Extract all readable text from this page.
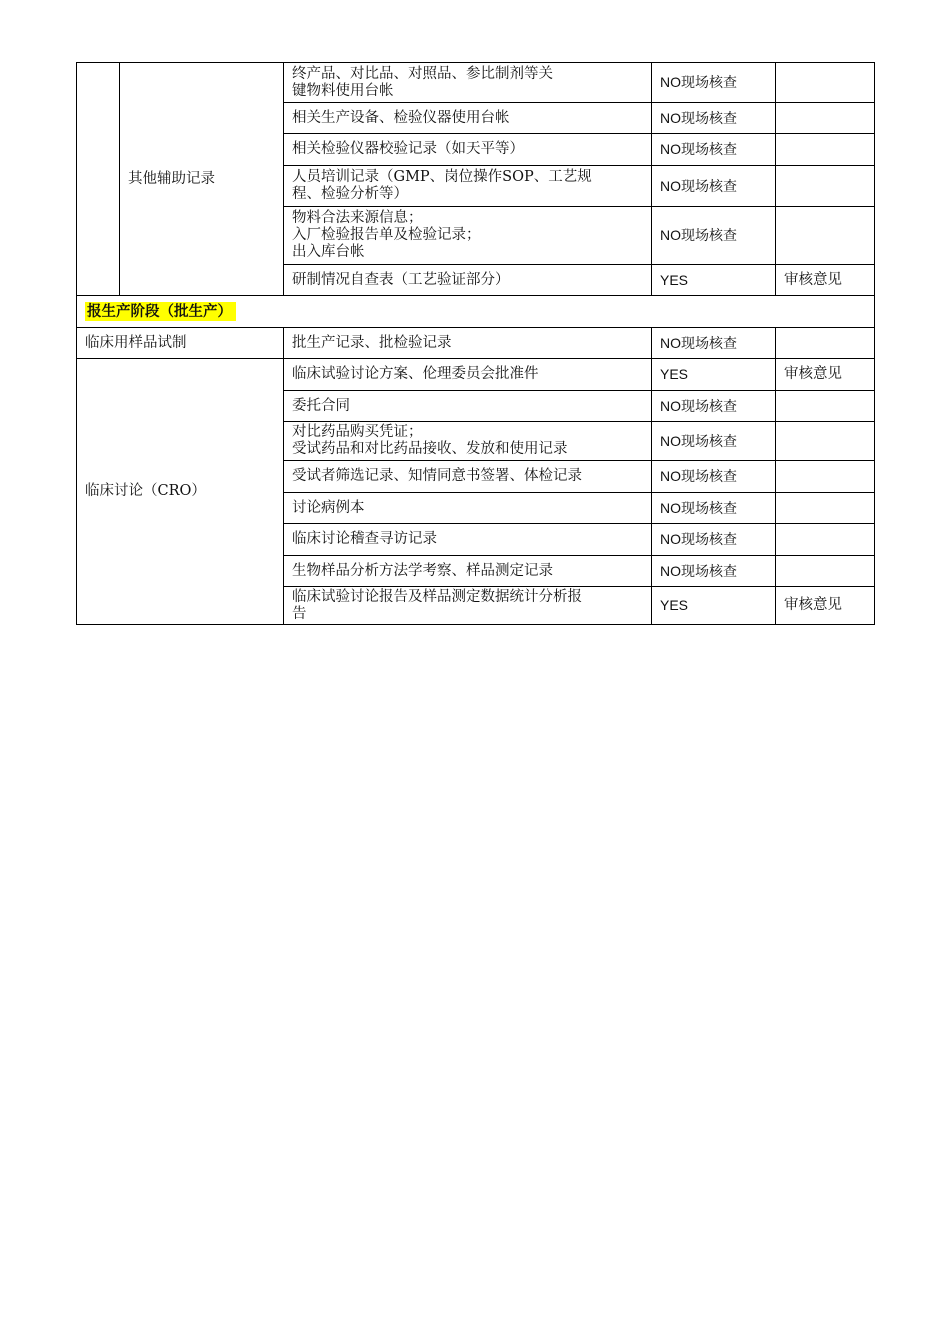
	其他辅助记录	终产品、对比品、对照品、参比制剂等关
键物料使用台帐	NO现场核查	

		相关生产设备、检验仪器使用台帐	NO现场核查	

		相关检验仪器校验记录（如天平等）	NO现场核查	

		人员培训记录（GMP、岗位操作SOP、工艺规
程、检验分析等）	NO现场核查	

		物料合法来源信息；
入厂检验报告单及检验记录；
出入库台帐	NO现场核查	

		研制情况自查表（工艺验证部分）	YES	审核意见
报生产阶段（批生产）				
临床用样品试制		批生产记录、批检验记录	NO现场核查	
临床讨论（CRO）		临床试验讨论方案、伦理委员会批准件	YES	审核意见

		委托合同	NO现场核查	

		对比药品购买凭证；
受试药品和对比药品接收、发放和使用记录	NO现场核查	

		受试者筛选记录、知情同意书签署、体检记录	NO现场核查	

		讨论病例本	NO现场核查	

		临床讨论稽查寻访记录	NO现场核查	

		生物样品分析方法学考察、样品测定记录	NO现场核查	

		临床试验讨论报告及样品测定数据统计分析报
告	YES	审核意见
